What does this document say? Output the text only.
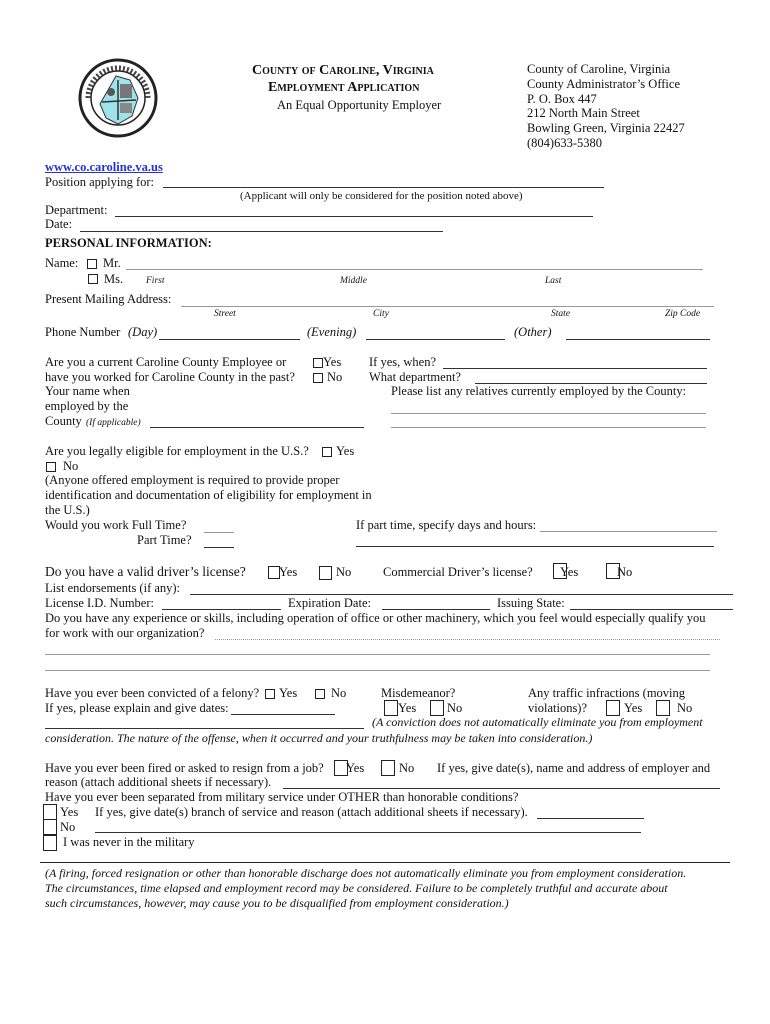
County of Caroline, Virginia
Employment Application
An Equal Opportunity Employer
County of Caroline, Virginia
County Administrator’s Office
P. O. Box 447
212 North Main Street
Bowling Green, Virginia 22427
(804)633-5380
www.co.caroline.va.us
Position applying for:
(Applicant will only be considered for the position noted above)
Department:
Date:
PERSONAL INFORMATION:
Name: Mr.
Ms. First	Middle	Last
Present Mailing Address:
Street	City	State	Zip Code
Phone Number (Day)	(Evening)	(Other)
Are you a current Caroline County Employee or
have you worked for Caroline County in the past?
Yes
No
If yes, when?
What department?
Your name when
employed by the
County (If applicable)
Please list any relatives currently employed by the County:
Are you legally eligible for employment in the U.S.? Yes
No
(Anyone offered employment is required to provide proper
identification and documentation of eligibility for employment in
the U.S.)
Would you work Full Time?
Part Time?
If part time, specify days and hours:
Do you have a valid driver’s license?	Yes	No	Commercial Driver’s license? Yes	No
List endorsements (if any):
License I.D. Number:	Expiration Date:	Issuing State:
Do you have any experience or skills, including operation of office or other machinery, which you feel would especially qualify you
for work with our organization?
Have you ever been convicted of a felony? Yes	No	Misdemeanor?
Yes No
Any traffic infractions (moving
violations)?	Yes	No
If yes, please explain and give dates:
(A conviction does not automatically eliminate you from employment
consideration. The nature of the offense, when it occurred and your truthfulness may be taken into consideration.)
Have you ever been fired or asked to resign from a job? Yes	No If yes, give date(s), name and address of employer and
reason (attach additional sheets if necessary).
Have you ever been separated from military service under OTHER than honorable conditions?
Yes If yes, give date(s) branch of service and reason (attach additional sheets if necessary).
No
I was never in the military
(A firing, forced resignation or other than honorable discharge does not automatically eliminate you from employment consideration.
The circumstances, time elapsed and employment record may be considered. Failure to be completely truthful and accurate about
such circumstances, however, may cause you to be disqualified from employment consideration.)
